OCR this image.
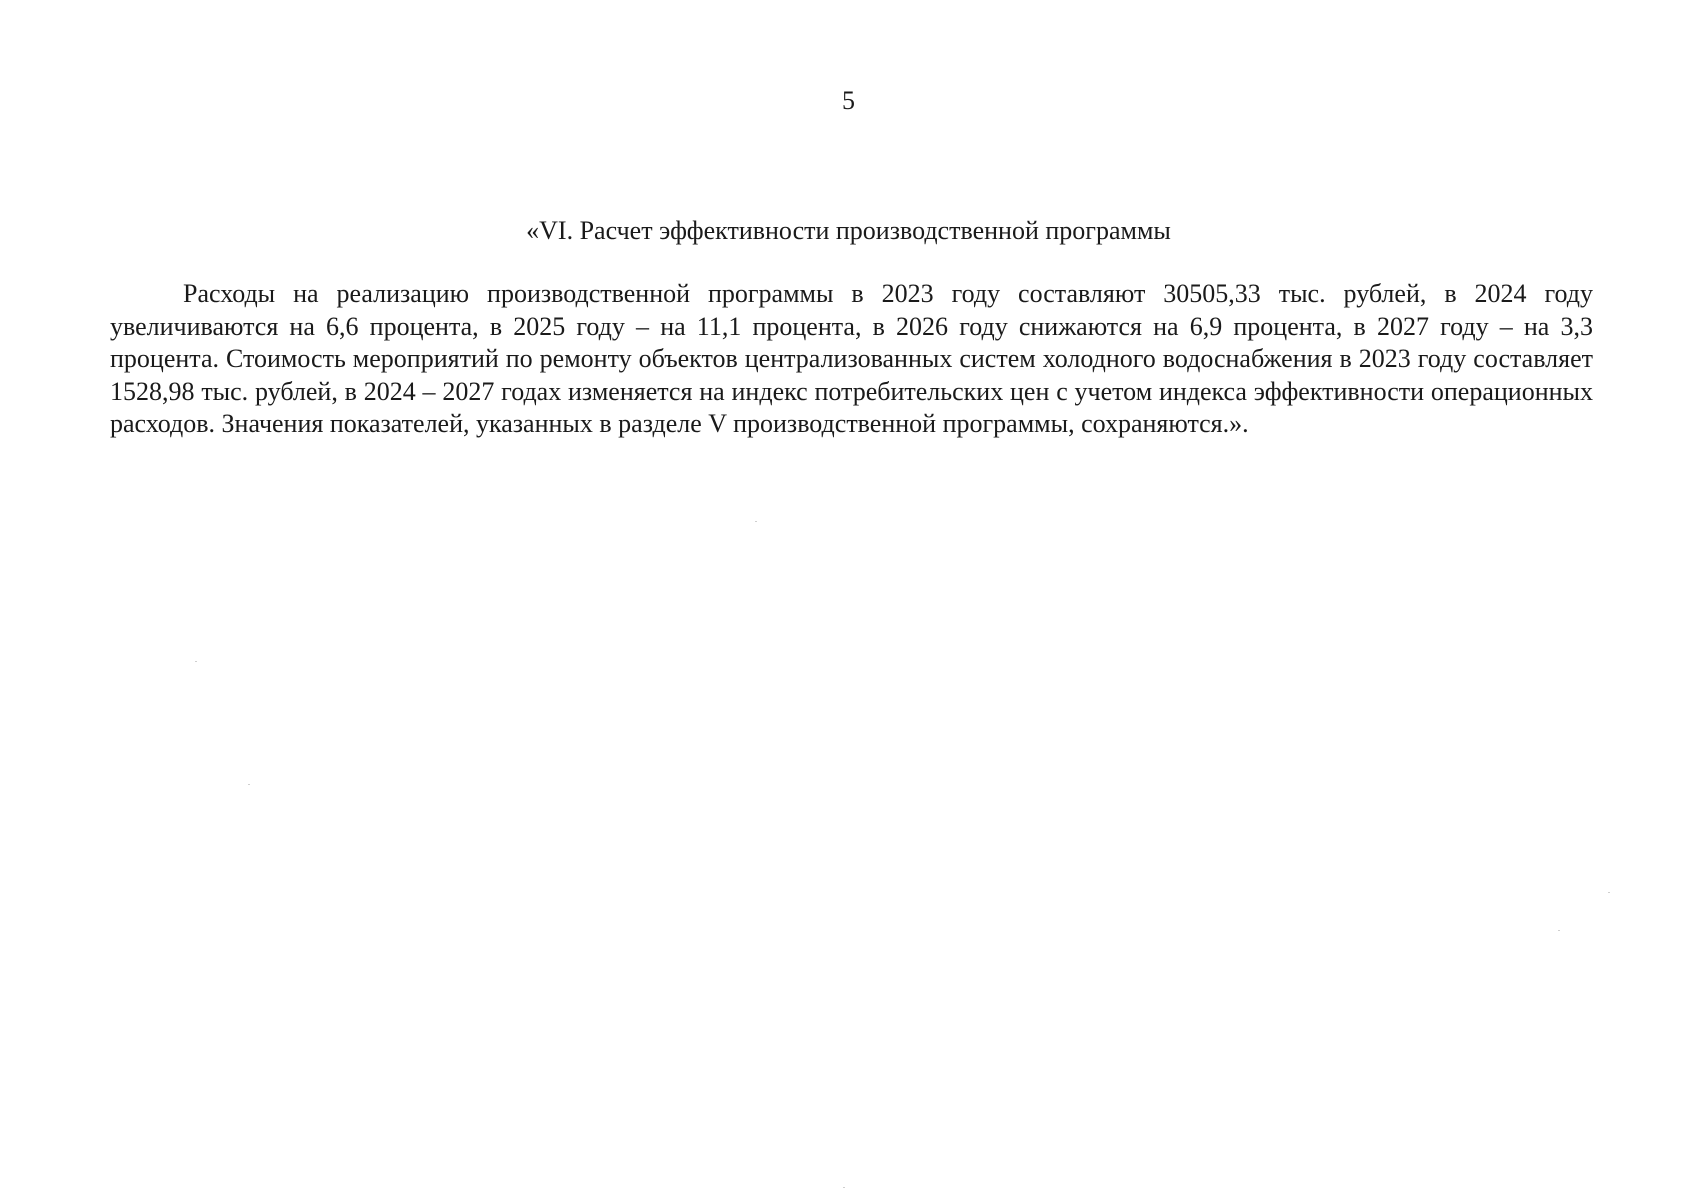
5
«VI. Расчет эффективности производственной программы

Расходы на реализацию производственной программы в 2023 году составляют 30505,33 тыс. рублей, в 2024 году увеличиваются на 6,6 процента, в 2025 году – на 11,1 процента, в 2026 году снижаются на 6,9 процента, в 2027 году – на 3,3 процента. Стоимость мероприятий по ремонту объектов централизованных систем холодного водоснабжения в 2023 году составляет 1528,98 тыс. рублей, в 2024 – 2027 годах изменяется на индекс потребительских цен с учетом индекса эффективности операционных расходов. Значения показателей, указанных в разделе V производственной программы, сохраняются.».
